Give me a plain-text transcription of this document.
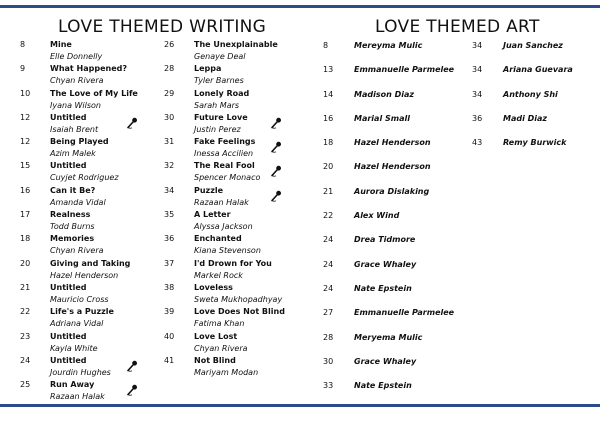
LOVE THEMED WRITING	LOVE THEMED ART
8	Mine
Elle Donnelly
9	What Happened?
Chyan Rivera
10 The Love of My Life
Iyana Wilson
12 Untitled
Isaiah Brent
12 Being Played
Azim Malek
15 Untitled
Cuyjet Rodriguez
16 Can it Be?
Amanda Vidal
17 Realness
Todd Burns
18 Memories
Chyan Rivera
20 Giving and Taking
Hazel Henderson
21 Untitled
Mauricio Cross
22 Life's a Puzzle
Adriana Vidal
23 Untitled
Kayla White
24 Untitled
Jourdin Hughes
25 Run Away
Razaan Halak
26 The Unexplainable
Genaye Deal
28 Leppa
Tyler Barnes
29 Lonely Road
Sarah Mars
30 Future Love
Justin Perez
31 Fake Feelings
Inessa Accilien
32 The Real Fool
Spencer Monaco
34 Puzzle
Razaan Halak
35 A Letter
Alyssa Jackson
36 Enchanted
Kiana Stevenson
37 I'd Drown for You
Markel Rock
38 Loveless
Sweta Mukhopadhyay
39 Love Does Not Blind
Fatima Khan
40 Love Lost
Chyan Rivera
41 Not Blind
Mariyam Modan
8	Mereyma Mulic
13	Emmanuelle Parmelee
14	Madison Diaz
16	Marial Small
18	Hazel Henderson
20	Hazel Henderson
21	Aurora Dislaking
22	Alex Wind
24	Drea Tidmore
24	Grace Whaley
24	Nate Epstein
27	Emmanuelle Parmelee
28	Meryema Mulic
30	Grace Whaley
33	Nate Epstein
34	Juan Sanchez
34	Ariana Guevara
34	Anthony Shi
36	Madi Diaz
43	Remy Burwick
